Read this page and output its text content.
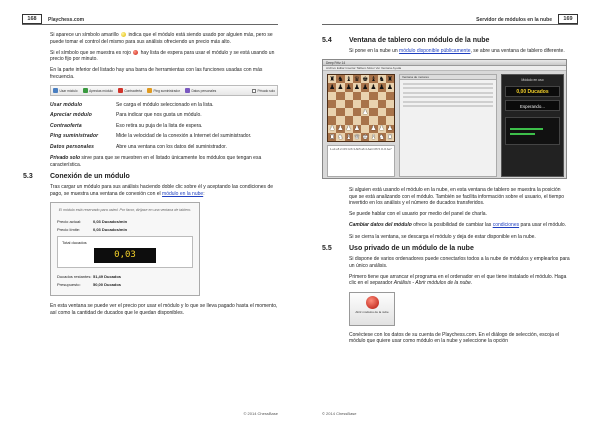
168	Playchess.com

Si aparece un símbolo amarillo indica que el módulo está siendo usado por alguien más, pero se puede tomar el control del mismo para sus análisis ofreciendo un precio más alto.

Si el símbolo que se muestra es rojo hay lista de espera para usar el módulo y se está usando un precio fijo por minuto.

En la parte inferior del listado hay una barra de herramientas con las funciones usadas con más frecuencia.

Usar módulo	Aprecias módulo	Contraoferta	Ping suministrador	Datos personales	Privado solo
Usar módulo	Se carga el módulo seleccionado en la lista.
Apreciar módulo	Para indicar que nos gusta un módulo.
Contraoferta	Eso retira su puja de la lista de espera.
Ping suministrador	Mide la velocidad de la conexión a Internet del suministrador.
Datos personales	Abre una ventana con los datos del suministrador.

Privado solo sirve para que se muestren en el listado únicamente los módulos que tengan esa característica.

5.3 Conexión de un módulo

Tras cargar un módulo para sus análisis haciendo doble clic sobre él y aceptando las condiciones de pago, se muestra una ventana de conexión con el módulo en la nube:

El módulo está reservado para usted. Por favor, diríjase en una ventana de tablero.
Precio actual:	0,03 Ducados/min
Precio límite:	0,03 Ducados/min
Total ducados
0,03
Ducados restantes: 51,49 Ducados
Presupuesto:	50,00 Ducados

En esta ventana se puede ver el precio por usar el módulo y lo que se lleva pagado hasta el momento, así como la cantidad de ducados que le quedan disponibles.

© 2014 ChessBase
Servidor de módulos en la nube	169
5.4 Ventana de tablero con módulo de la nube

Si pone en la nube un módulo disponible públicamente, se abre una ventana de tablero diferente.

Deep Fritz 14
Archivo Editar Insertar Tablero Motor Ver Ventana Ayuda
♜ ♞ ♝ ♛ ♚ ♝ ♞ ♜
♟ ♟ ♟ ♟ ♟ ♟ ♟ ♟
♟
♟ ♟ ♟ ♟ ♟ ♟ ♟
♜ ♞ ♝ ♛ ♚ ♝ ♞ ♜
1.e4 e5 2.Cf3 Cc6 3.Ab5 a6 4.Aa4 Cf6 5.O-O Ae7
Ventana de motores
Módulo en uso
0,00 Ducados
Esperando...

Si alguien está usando el módulo en la nube, en esta ventana de tablero se muestra la posición que se está analizando con el módulo. También se facilita información sobre el usuario, el tiempo invertido en los análisis y el número de ducados transferidos.

Se puede hablar con el usuario por medio del panel de charla.

Cambiar datos del módulo ofrece la posibilidad de cambiar las condiciones para usar el módulo.

Si se cierra la ventana, se descarga el módulo y deja de estar disponible en la nube.

5.5 Uso privado de un módulo de la nube

Si dispone de varios ordenadores puede conectarlos todos a la nube de módulos y emplearlos para un único análisis.

Primero tiene que arrancar el programa en el ordenador en el que tiene instalado el módulo. Haga clic en el separador Análisis - Abrir módulos de la nube.

Abrir módulos de la nube

Conéctese con los datos de su cuenta de Playchess.com. En el diálogo de selección, escoja el módulo que quiere usar como módulo en la nube y seleccione la opción

© 2014 ChessBase
